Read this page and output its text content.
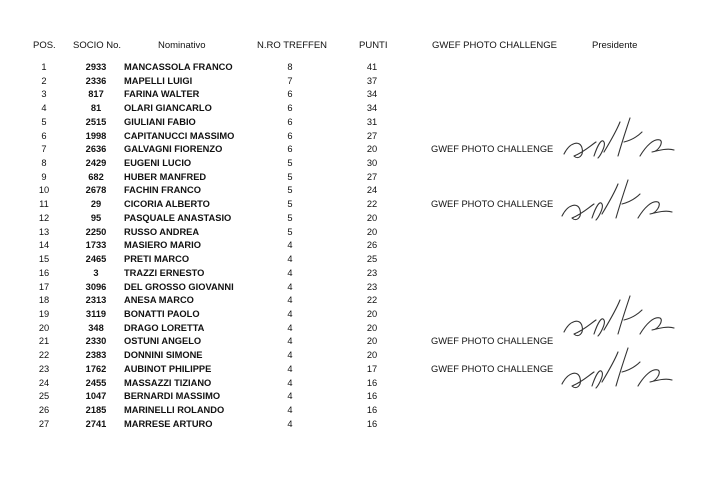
POS. SOCIO No.	Nominativo	N.RO TREFFEN	PUNTI	GWEF PHOTO CHALLENGE	Presidente
1	2933	MANCASSOLA FRANCO	8	41
2	2336	MAPELLI LUIGI	7	37
3	817	FARINA WALTER	6	34
4	81	OLARI GIANCARLO	6	34
5	2515	GIULIANI FABIO	6	31
6	1998	CAPITANUCCI MASSIMO	6	27
7	2636	GALVAGNI FIORENZO	6	20	GWEF PHOTO CHALLENGE
8	2429	EUGENI LUCIO	5	30
9	682	HUBER MANFRED	5	27
10	2678	FACHIN FRANCO	5	24
11	29	CICORIA ALBERTO	5	22	GWEF PHOTO CHALLENGE
12	95	PASQUALE ANASTASIO	5	20
13	2250	RUSSO ANDREA	5	20
14	1733	MASIERO MARIO	4	26
15	2465	PRETI MARCO	4	25
16	3	TRAZZI ERNESTO	4	23
17	3096	DEL GROSSO GIOVANNI	4	23
18	2313	ANESA MARCO	4	22
19	3119	BONATTI PAOLO	4	20
20	348	DRAGO LORETTA	4	20
21	2330	OSTUNI ANGELO	4	20	GWEF PHOTO CHALLENGE
22	2383	DONNINI SIMONE	4	20
23	1762	AUBINOT PHILIPPE	4	17	GWEF PHOTO CHALLENGE
24	2455	MASSAZZI TIZIANO	4	16
25	1047	BERNARDI MASSIMO	4	16
26	2185	MARINELLI ROLANDO	4	16
27	2741	MARRESE ARTURO	4	16
